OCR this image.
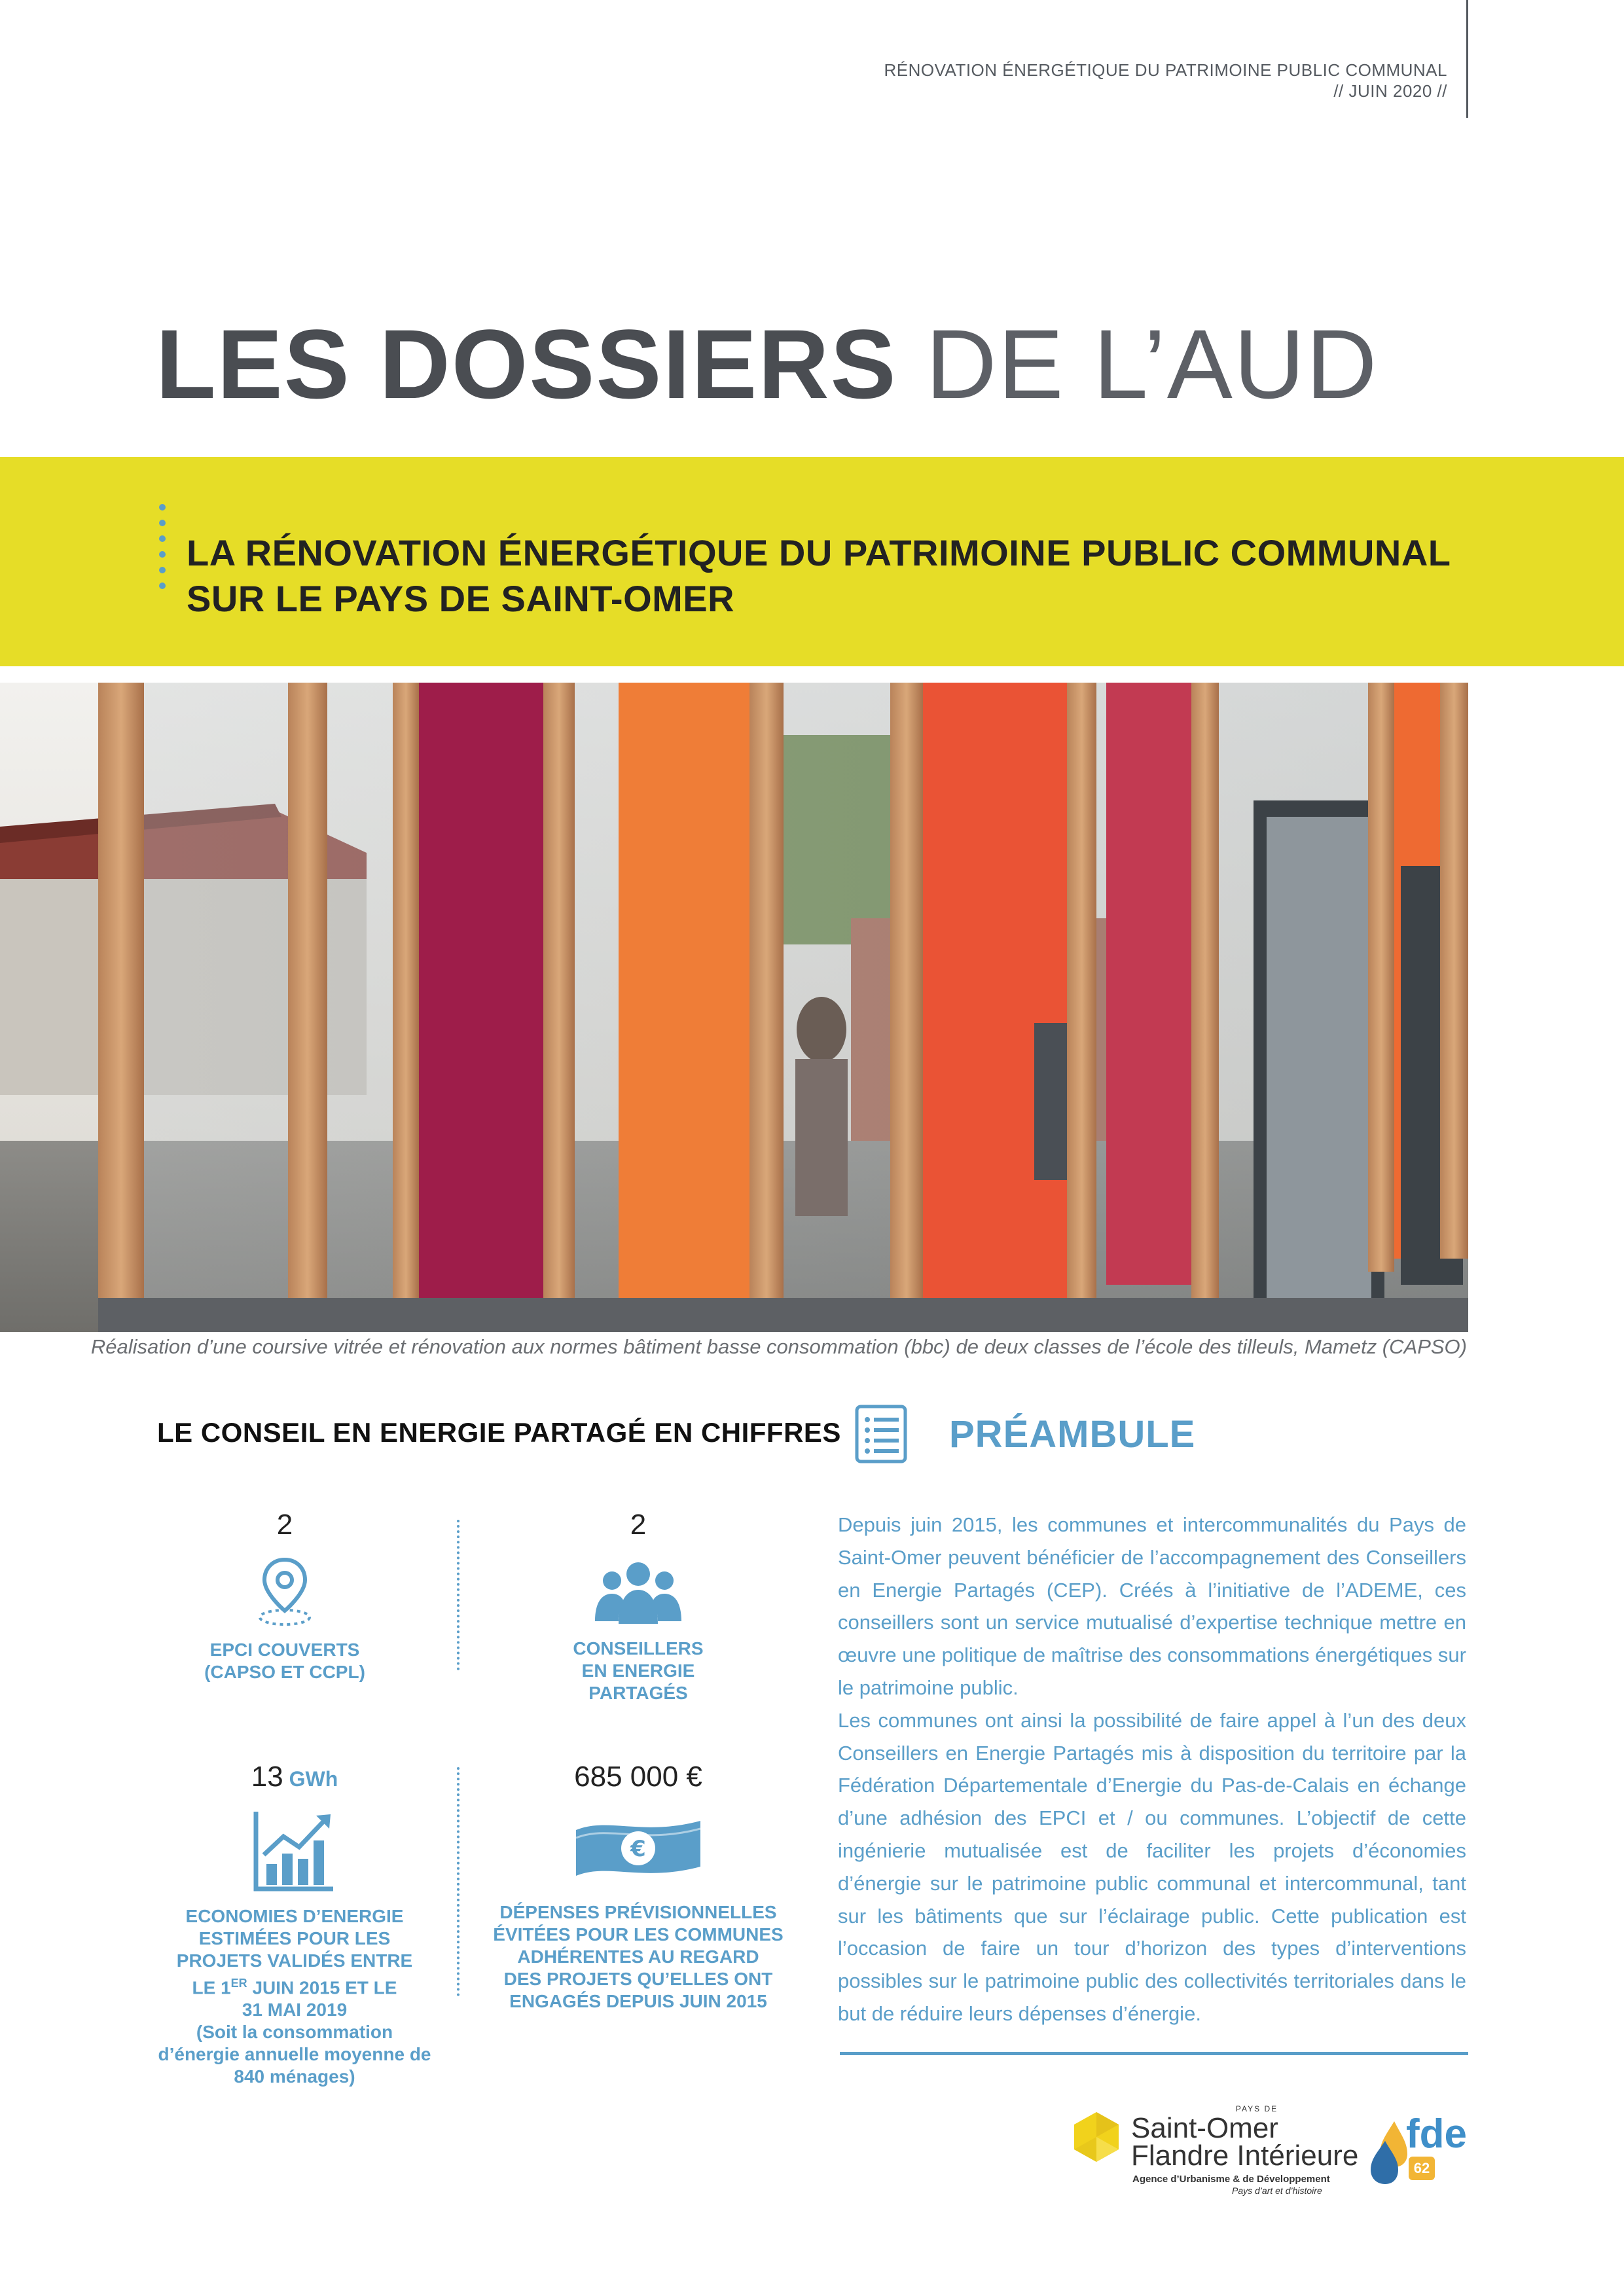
RÉNOVATION ÉNERGÉTIQUE DU PATRIMOINE PUBLIC COMMUNAL
// JUIN 2020 //
LES DOSSIERS DE L’AUD
LA RÉNOVATION ÉNERGÉTIQUE DU PATRIMOINE PUBLIC COMMUNAL
SUR LE PAYS DE SAINT-OMER
Réalisation d’une coursive vitrée et rénovation aux normes bâtiment basse consommation (bbc) de deux classes de l’école des tilleuls, Mametz (CAPSO)
LE CONSEIL EN ENERGIE PARTAGÉ EN CHIFFRES
2
EPCI COUVERTS
(CAPSO ET CCPL)
2
CONSEILLERS
EN ENERGIE
PARTAGÉS
13 GWh
ECONOMIES D’ENERGIE
ESTIMÉES POUR LES
PROJETS VALIDÉS ENTRE
LE 1ER JUIN 2015 ET LE
31 MAI 2019
(Soit la consommation
d’énergie annuelle moyenne de
840 ménages)
685 000 €
€
DÉPENSES PRÉVISIONNELLES
ÉVITÉES POUR LES COMMUNES
ADHÉRENTES AU REGARD
DES PROJETS QU’ELLES ONT
ENGAGÉS DEPUIS JUIN 2015
PRÉAMBULE

Depuis juin 2015, les communes et intercommunalités du Pays de Saint-Omer peuvent bénéficier de l’accompagnement des Conseillers en Energie Partagés (CEP). Créés à l’initiative de l’ADEME, ces conseillers sont un service mutualisé d’expertise technique mettre en œuvre une politique de maîtrise des consommations énergétiques sur le patrimoine public.

Les communes ont ainsi la possibilité de faire appel à l’un des deux Conseillers en Energie Partagés mis à disposition du territoire par la Fédération Départementale d’Energie du Pas-de-Calais en échange d’une adhésion des EPCI et / ou communes. L’objectif de cette ingénierie mutualisée est de faciliter les projets d’économies d’énergie sur le patrimoine public communal et intercommunal, tant sur les bâtiments que sur l’éclairage public. Cette publication est l’occasion de faire un tour d’horizon des types d’interventions possibles sur le patrimoine public des collectivités territoriales dans le but de réduire leurs dépenses d’énergie.

PAYS DE
Saint-Omer
Flandre Intérieure
Agence d’Urbanisme & de Développement
Pays d’art et d’histoire
fde
62
